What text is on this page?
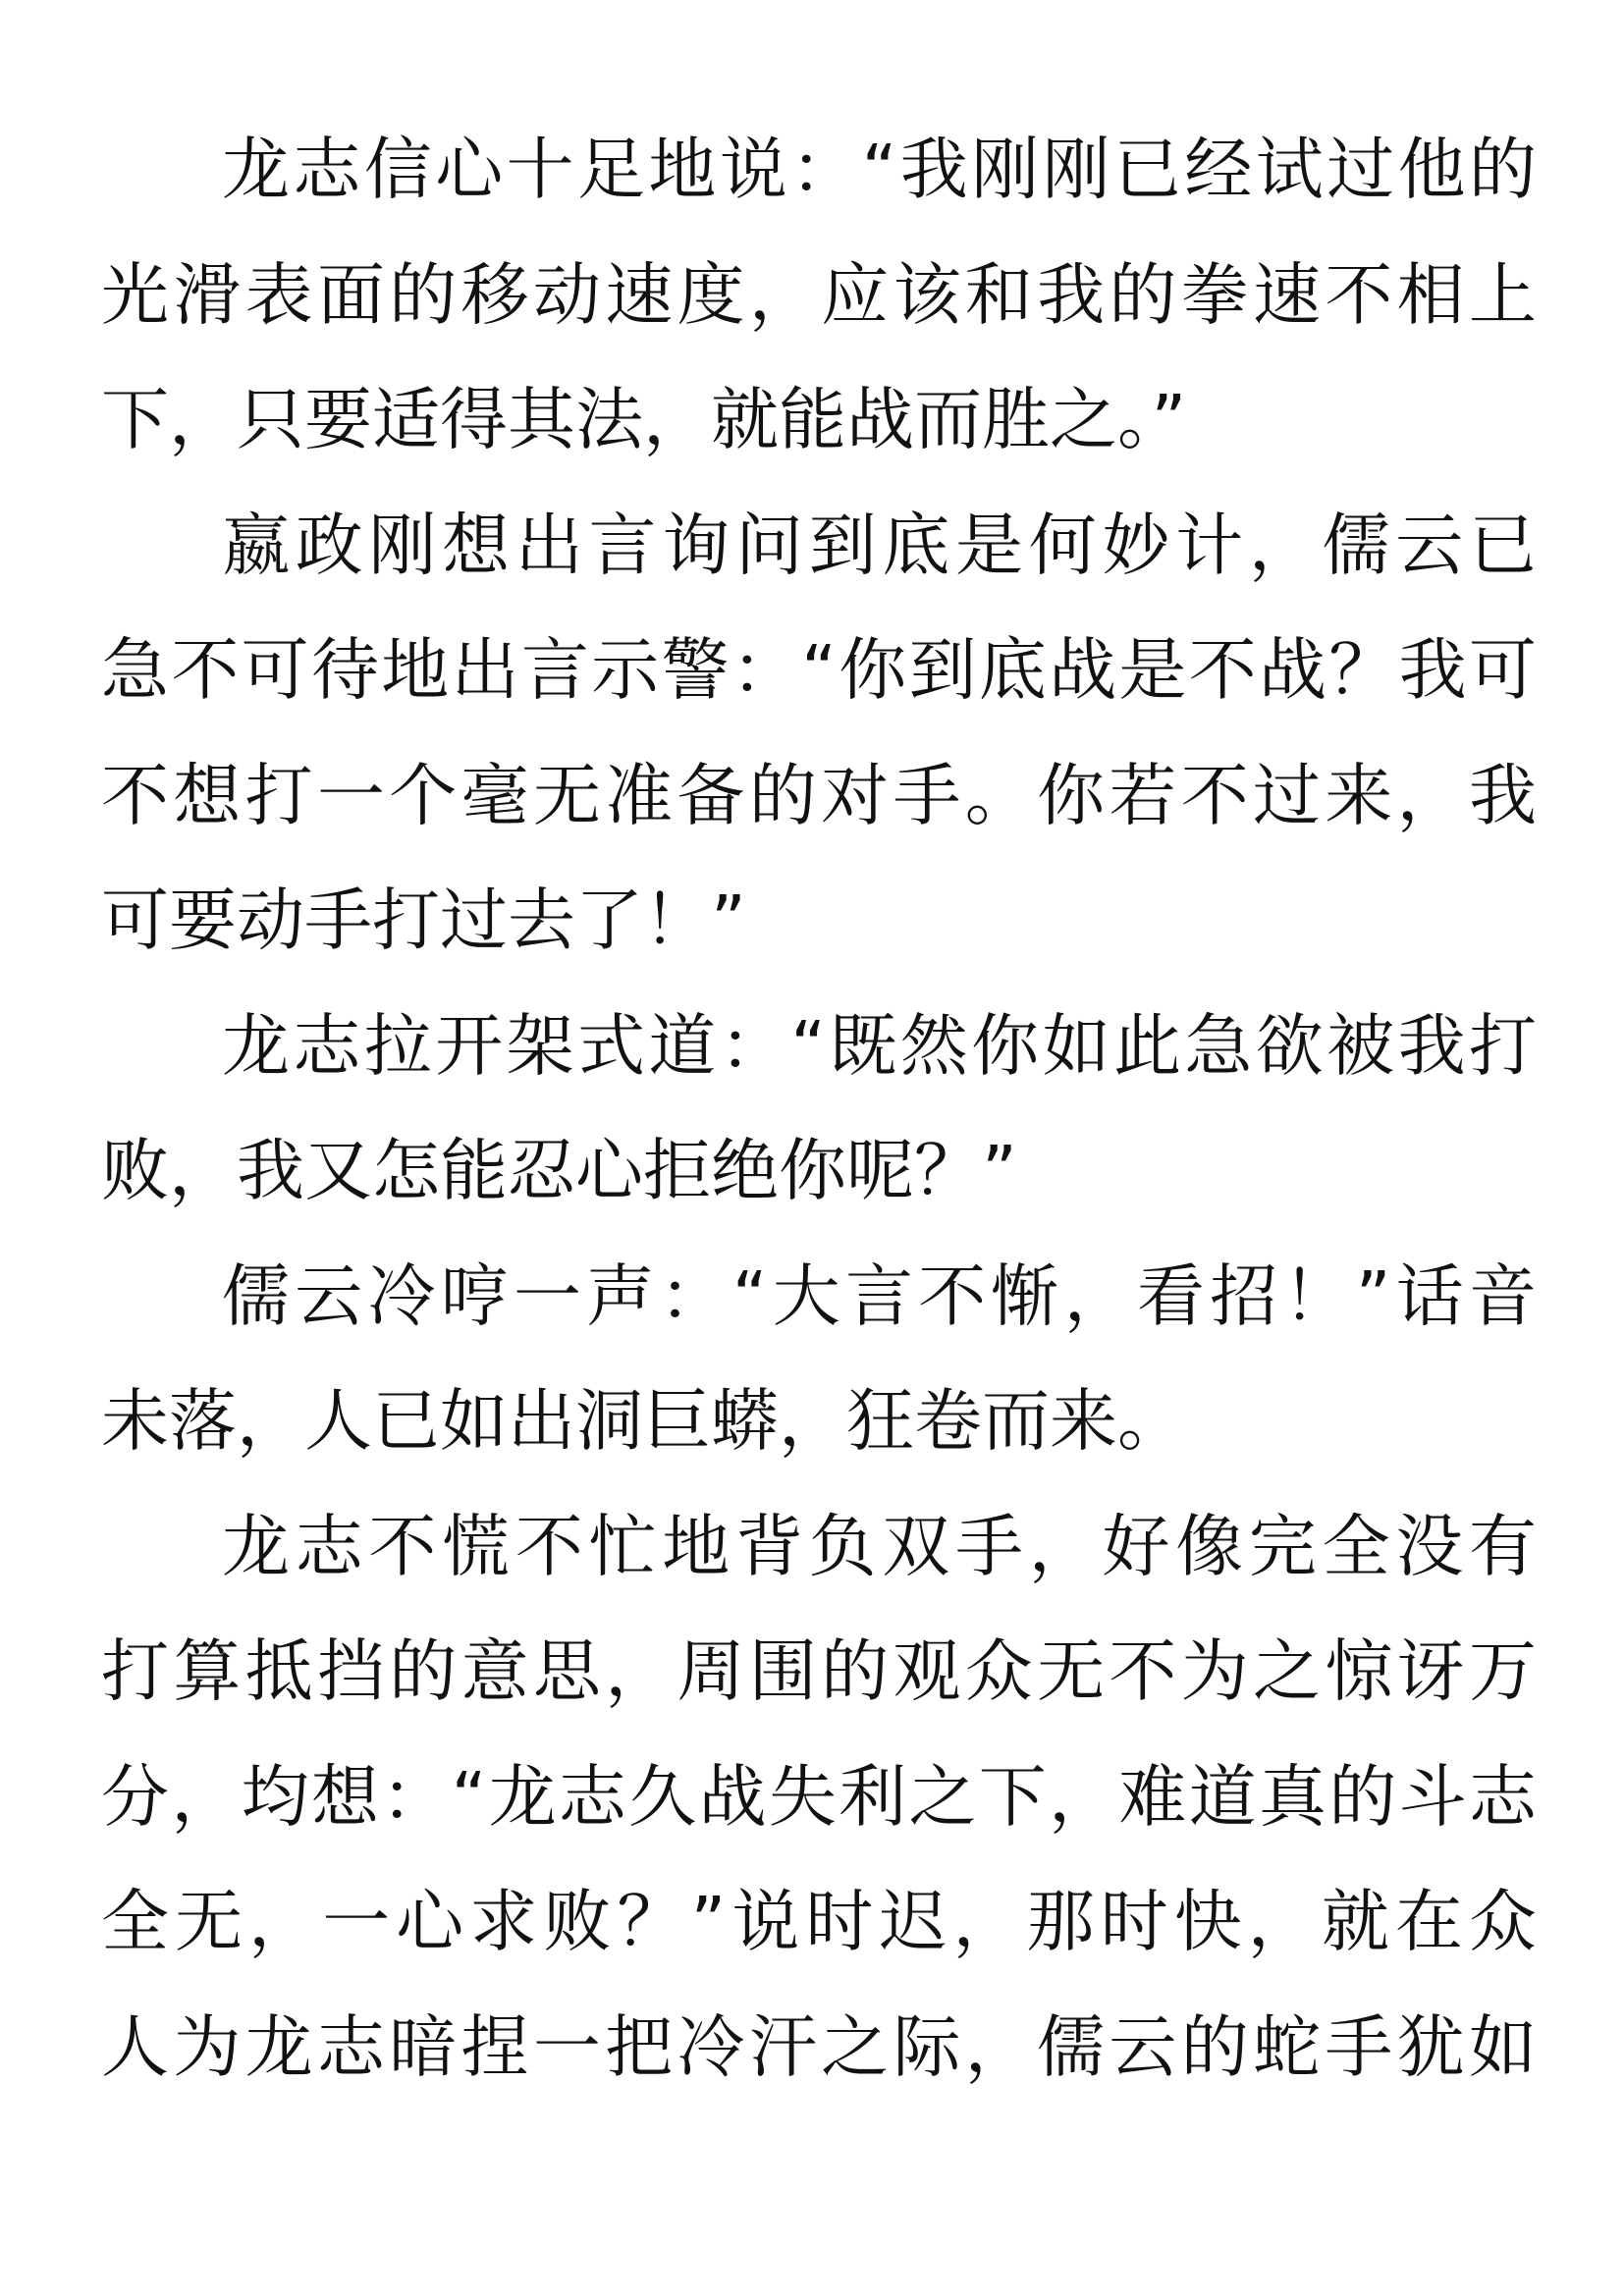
龙志信心十足地说：“我刚刚已经试过他的
光滑表面的移动速度，应该和我的拳速不相上
下，只要适得其法，就能战而胜之。”
嬴政刚想出言询问到底是何妙计，儒云已
急不可待地出言示警：“你到底战是不战？我可
不想打一个毫无准备的对手。你若不过来，我
可要动手打过去了！”
龙志拉开架式道：“既然你如此急欲被我打
败，我又怎能忍心拒绝你呢？”
儒云冷哼一声：“大言不惭，看招！”话音
未落，人已如出洞巨蟒，狂卷而来。
龙志不慌不忙地背负双手，好像完全没有
打算抵挡的意思，周围的观众无不为之惊讶万
分，均想：“龙志久战失利之下，难道真的斗志
全无，一心求败？”说时迟，那时快，就在众
人为龙志暗捏一把冷汗之际，儒云的蛇手犹如
